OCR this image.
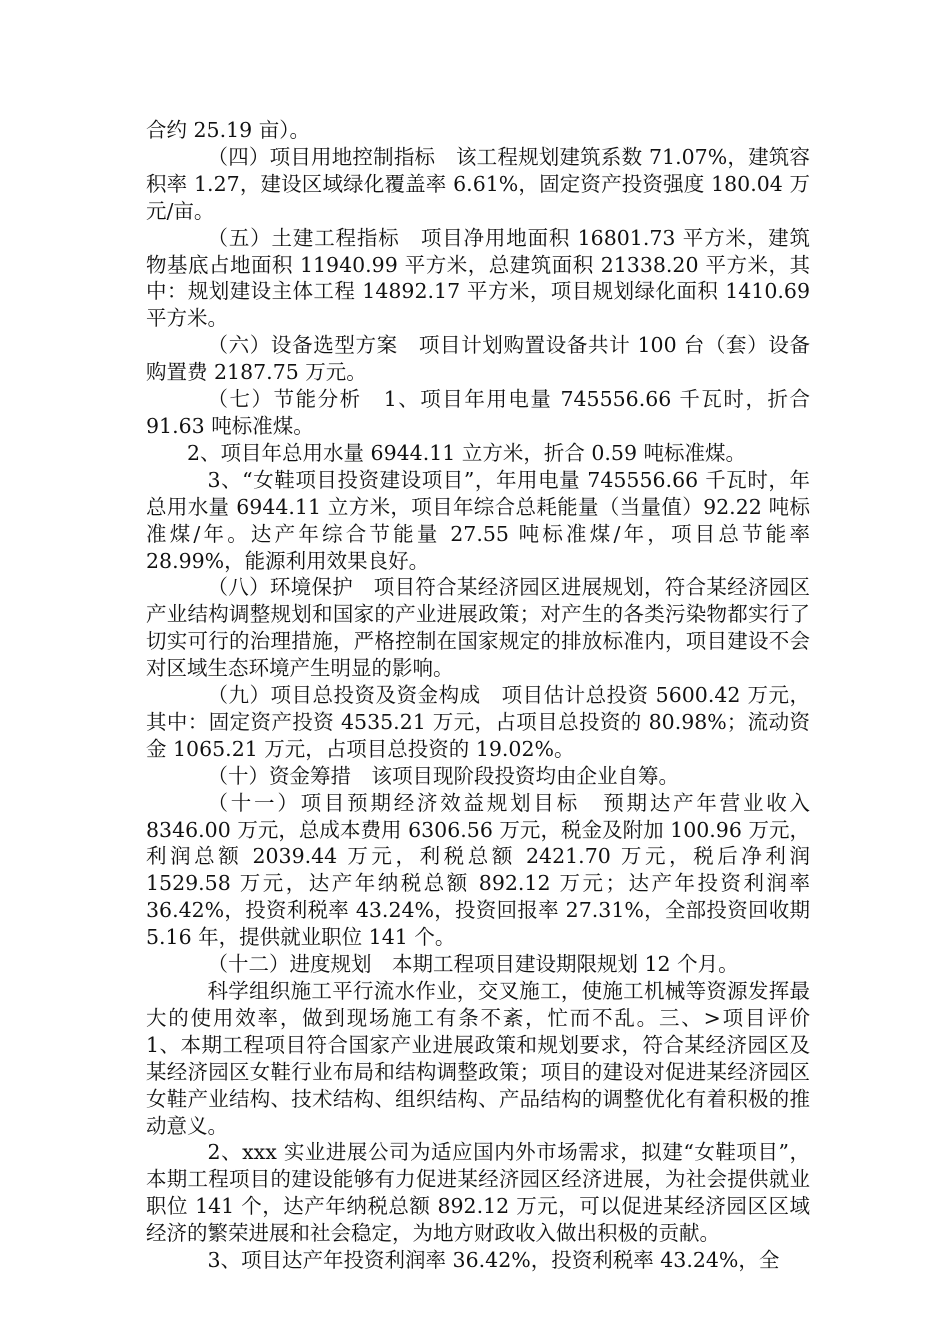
合约 25.19 亩）。

（四）项目用地控制指标　该工程规划建筑系数 71.07%，建筑容积率 1.27，建设区域绿化覆盖率 6.61%，固定资产投资强度 180.04 万元/亩。

（五）土建工程指标　项目净用地面积 16801.73 平方米，建筑物基底占地面积 11940.99 平方米，总建筑面积 21338.20 平方米，其中：规划建设主体工程 14892.17 平方米，项目规划绿化面积 1410.69 平方米。

（六）设备选型方案　项目计划购置设备共计 100 台（套）设备购置费 2187.75 万元。

（七）节能分析　1、项目年用电量 745556.66 千瓦时，折合 91.63 吨标准煤。

2、项目年总用水量 6944.11 立方米，折合 0.59 吨标准煤。

3、“女鞋项目投资建设项目”，年用电量 745556.66 千瓦时，年总用水量 6944.11 立方米，项目年综合总耗能量（当量值）92.22 吨标准煤/年。达产年综合节能量 27.55 吨标准煤/年，项目总节能率 28.99%，能源利用效果良好。

（八）环境保护　项目符合某经济园区进展规划，符合某经济园区产业结构调整规划和国家的产业进展政策；对产生的各类污染物都实行了切实可行的治理措施，严格控制在国家规定的排放标准内，项目建设不会对区域生态环境产生明显的影响。

（九）项目总投资及资金构成　项目估计总投资 5600.42 万元，其中：固定资产投资 4535.21 万元，占项目总投资的 80.98%；流动资金 1065.21 万元，占项目总投资的 19.02%。

（十）资金筹措　该项目现阶段投资均由企业自筹。

（十一）项目预期经济效益规划目标　预期达产年营业收入 8346.00 万元，总成本费用 6306.56 万元，税金及附加 100.96 万元，利润总额 2039.44 万元，利税总额 2421.70 万元，税后净利润 1529.58 万元，达产年纳税总额 892.12 万元；达产年投资利润率 36.42%，投资利税率 43.24%，投资回报率 27.31%，全部投资回收期 5.16 年，提供就业职位 141 个。

（十二）进度规划　本期工程项目建设期限规划 12 个月。

科学组织施工平行流水作业，交叉施工，使施工机械等资源发挥最大的使用效率，做到现场施工有条不紊，忙而不乱。三、>项目评价　1、本期工程项目符合国家产业进展政策和规划要求，符合某经济园区及某经济园区女鞋行业布局和结构调整政策；项目的建设对促进某经济园区女鞋产业结构、技术结构、组织结构、产品结构的调整优化有着积极的推动意义。

2、xxx 实业进展公司为适应国内外市场需求，拟建“女鞋项目”，本期工程项目的建设能够有力促进某经济园区经济进展，为社会提供就业职位 141 个，达产年纳税总额 892.12 万元，可以促进某经济园区区域经济的繁荣进展和社会稳定，为地方财政收入做出积极的贡献。

3、项目达产年投资利润率 36.42%，投资利税率 43.24%，全
